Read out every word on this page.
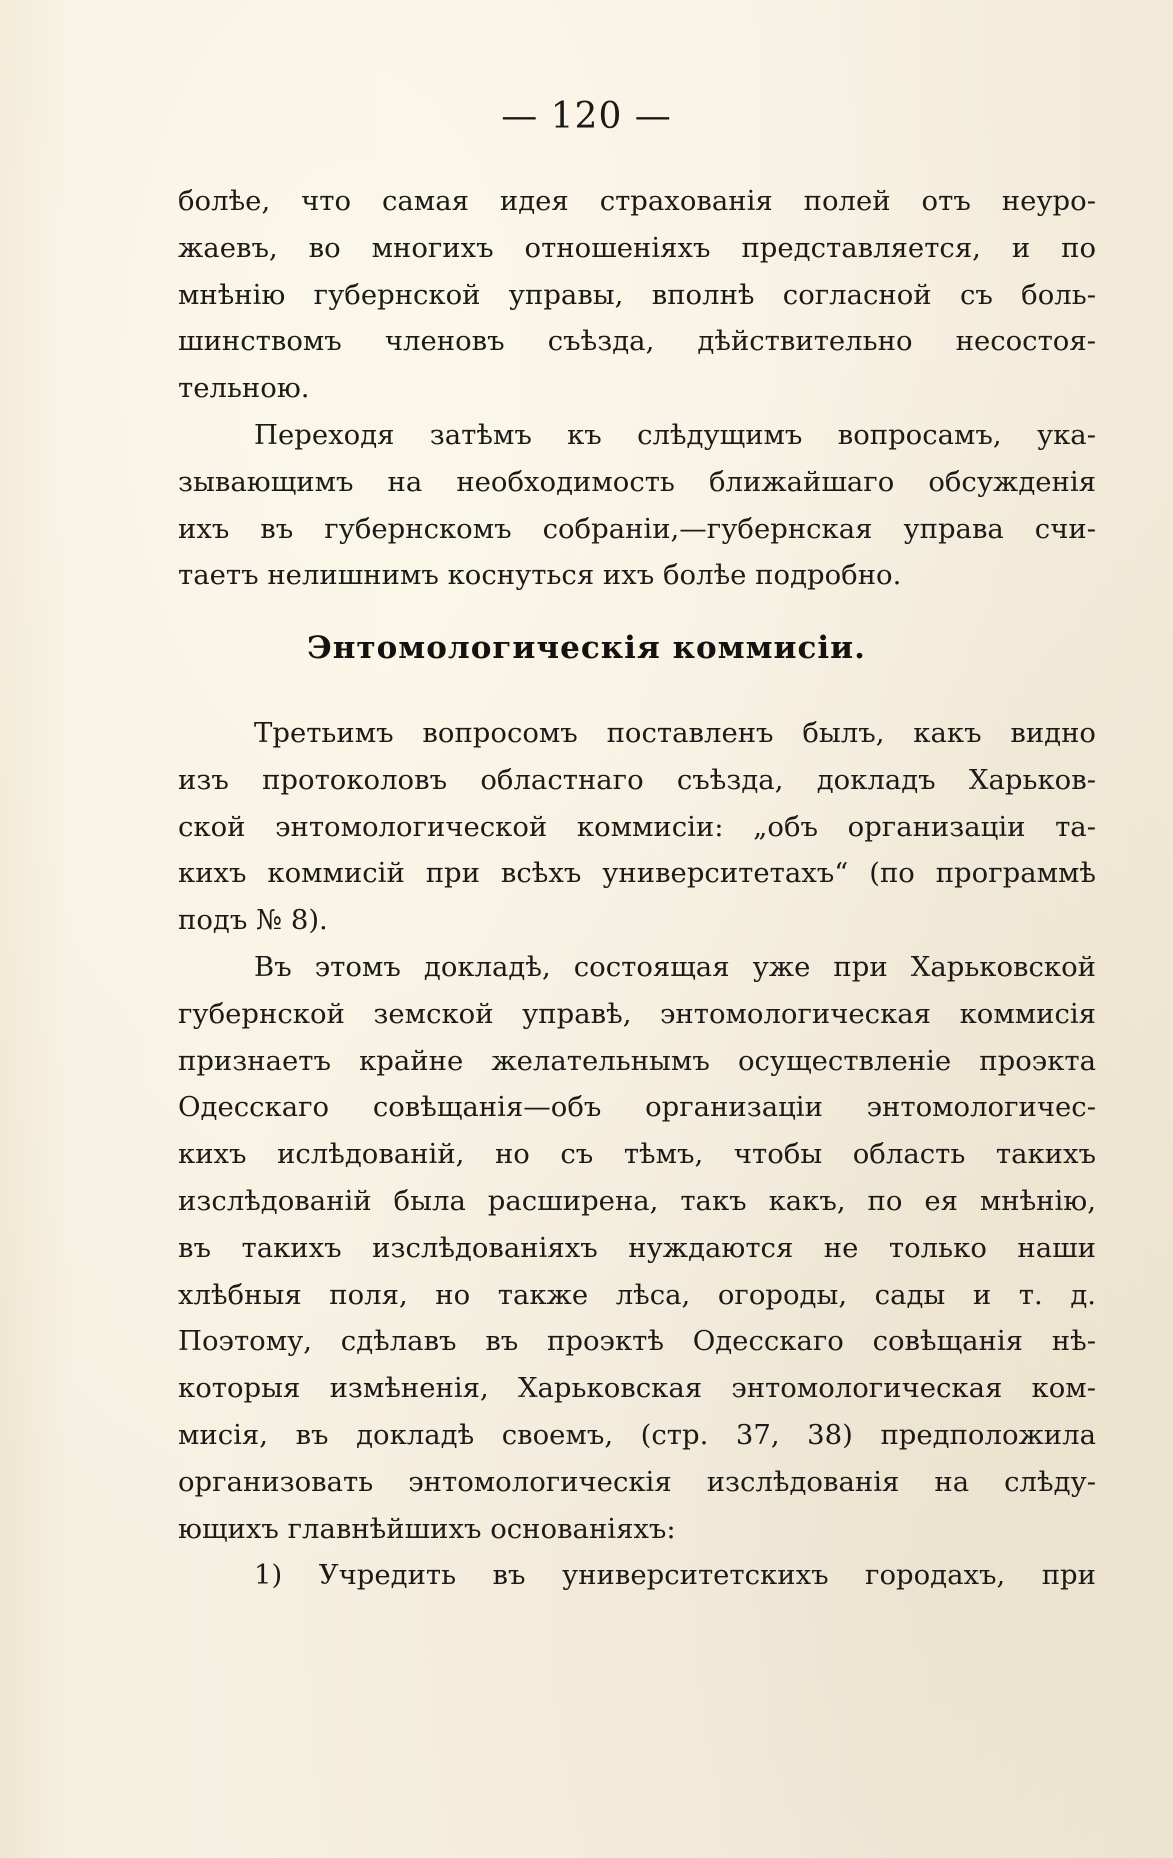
— 120 —
болѣе, что самая идея страхованія полей отъ неуро-
жаевъ, во многихъ отношеніяхъ представляется, и по
мнѣнію губернской управы, вполнѣ согласной съ боль-
шинствомъ членовъ съѣзда, дѣйствительно несостоя-
тельною.
Переходя затѣмъ къ слѣдущимъ вопросамъ, ука-
зывающимъ на необходимость ближайшаго обсужденія
ихъ въ губернскомъ собраніи,—губернская управа счи-
таетъ нелишнимъ коснуться ихъ болѣе подробно.
Энтомологическія коммисіи.
Третьимъ вопросомъ поставленъ былъ, какъ видно
изъ протоколовъ областнаго съѣзда, докладъ Харьков-
ской энтомологической коммисіи: „объ организаціи та-
кихъ коммисій при всѣхъ университетахъ“ (по программѣ
подъ № 8).
Въ этомъ докладѣ, состоящая уже при Харьковской
губернской земской управѣ, энтомологическая коммисія
признаетъ крайне желательнымъ осуществленіе проэкта
Одесскаго совѣщанія—объ организаціи энтомологичес-
кихъ ислѣдованій, но съ тѣмъ, чтобы область такихъ
изслѣдованій была расширена, такъ какъ, по ея мнѣнію,
въ такихъ изслѣдованіяхъ нуждаются не только наши
хлѣбныя поля, но также лѣса, огороды, сады и т. д.
Поэтому, сдѣлавъ въ проэктѣ Одесскаго совѣщанія нѣ-
которыя измѣненія, Харьковская энтомологическая ком-
мисія, въ докладѣ своемъ, (стр. 37, 38) предположила
организовать энтомологическія изслѣдованія на слѣду-
ющихъ главнѣйшихъ основаніяхъ:
1) Учредить въ университетскихъ городахъ, при
